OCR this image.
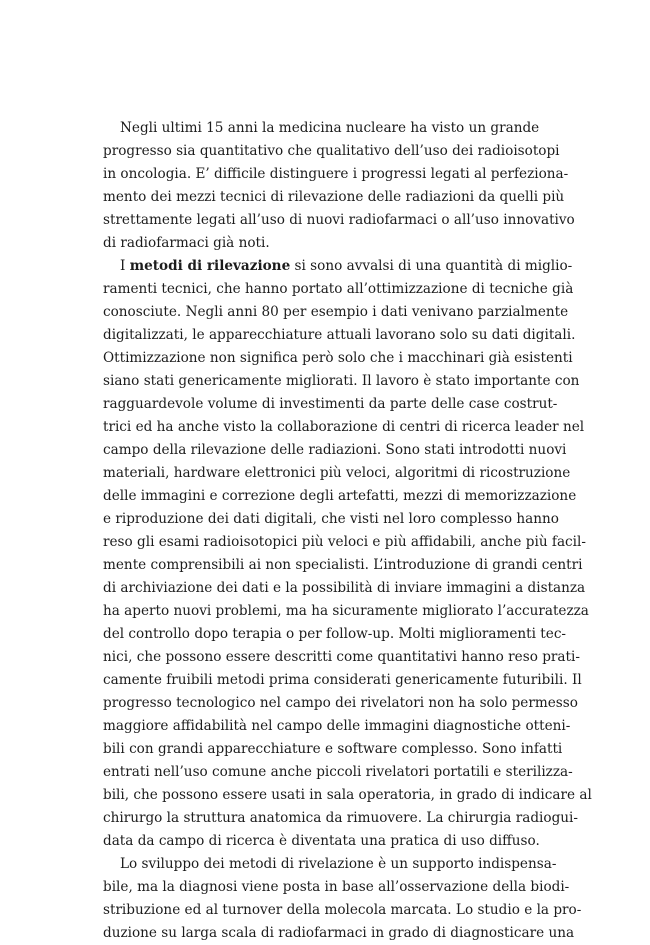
Negli ultimi 15 anni la medicina nucleare ha visto un grande
progresso sia quantitativo che qualitativo dell’uso dei radioisotopi
in oncologia. E’ difficile distinguere i progressi legati al perfeziona-
mento dei mezzi tecnici di rilevazione delle radiazioni da quelli più
strettamente legati all’uso di nuovi radiofarmaci o all’uso innovativo
di radiofarmaci già noti.
I metodi di rilevazione si sono avvalsi di una quantità di miglio-
ramenti tecnici, che hanno portato all’ottimizzazione di tecniche già
conosciute. Negli anni 80 per esempio i dati venivano parzialmente
digitalizzati, le apparecchiature attuali lavorano solo su dati digitali.
Ottimizzazione non significa però solo che i macchinari già esistenti
siano stati genericamente migliorati. Il lavoro è stato importante con
ragguardevole volume di investimenti da parte delle case costrut-
trici ed ha anche visto la collaborazione di centri di ricerca leader nel
campo della rilevazione delle radiazioni. Sono stati introdotti nuovi
materiali, hardware elettronici più veloci, algoritmi di ricostruzione
delle immagini e correzione degli artefatti, mezzi di memorizzazione
e riproduzione dei dati digitali, che visti nel loro complesso hanno
reso gli esami radioisotopici più veloci e più affidabili, anche più facil-
mente comprensibili ai non specialisti. L’introduzione di grandi centri
di archiviazione dei dati e la possibilità di inviare immagini a distanza
ha aperto nuovi problemi, ma ha sicuramente migliorato l’accuratezza
del controllo dopo terapia o per follow-up. Molti miglioramenti tec-
nici, che possono essere descritti come quantitativi hanno reso prati-
camente fruibili metodi prima considerati genericamente futuribili. Il
progresso tecnologico nel campo dei rivelatori non ha solo permesso
maggiore affidabilità nel campo delle immagini diagnostiche otteni-
bili con grandi apparecchiature e software complesso. Sono infatti
entrati nell’uso comune anche piccoli rivelatori portatili e sterilizza-
bili, che possono essere usati in sala operatoria, in grado di indicare al
chirurgo la struttura anatomica da rimuovere. La chirurgia radiogui-
data da campo di ricerca è diventata una pratica di uso diffuso.
Lo sviluppo dei metodi di rivelazione è un supporto indispensa-
bile, ma la diagnosi viene posta in base all’osservazione della biodi-
stribuzione ed al turnover della molecola marcata. Lo studio e la pro-
duzione su larga scala di radiofarmaci in grado di diagnosticare una
